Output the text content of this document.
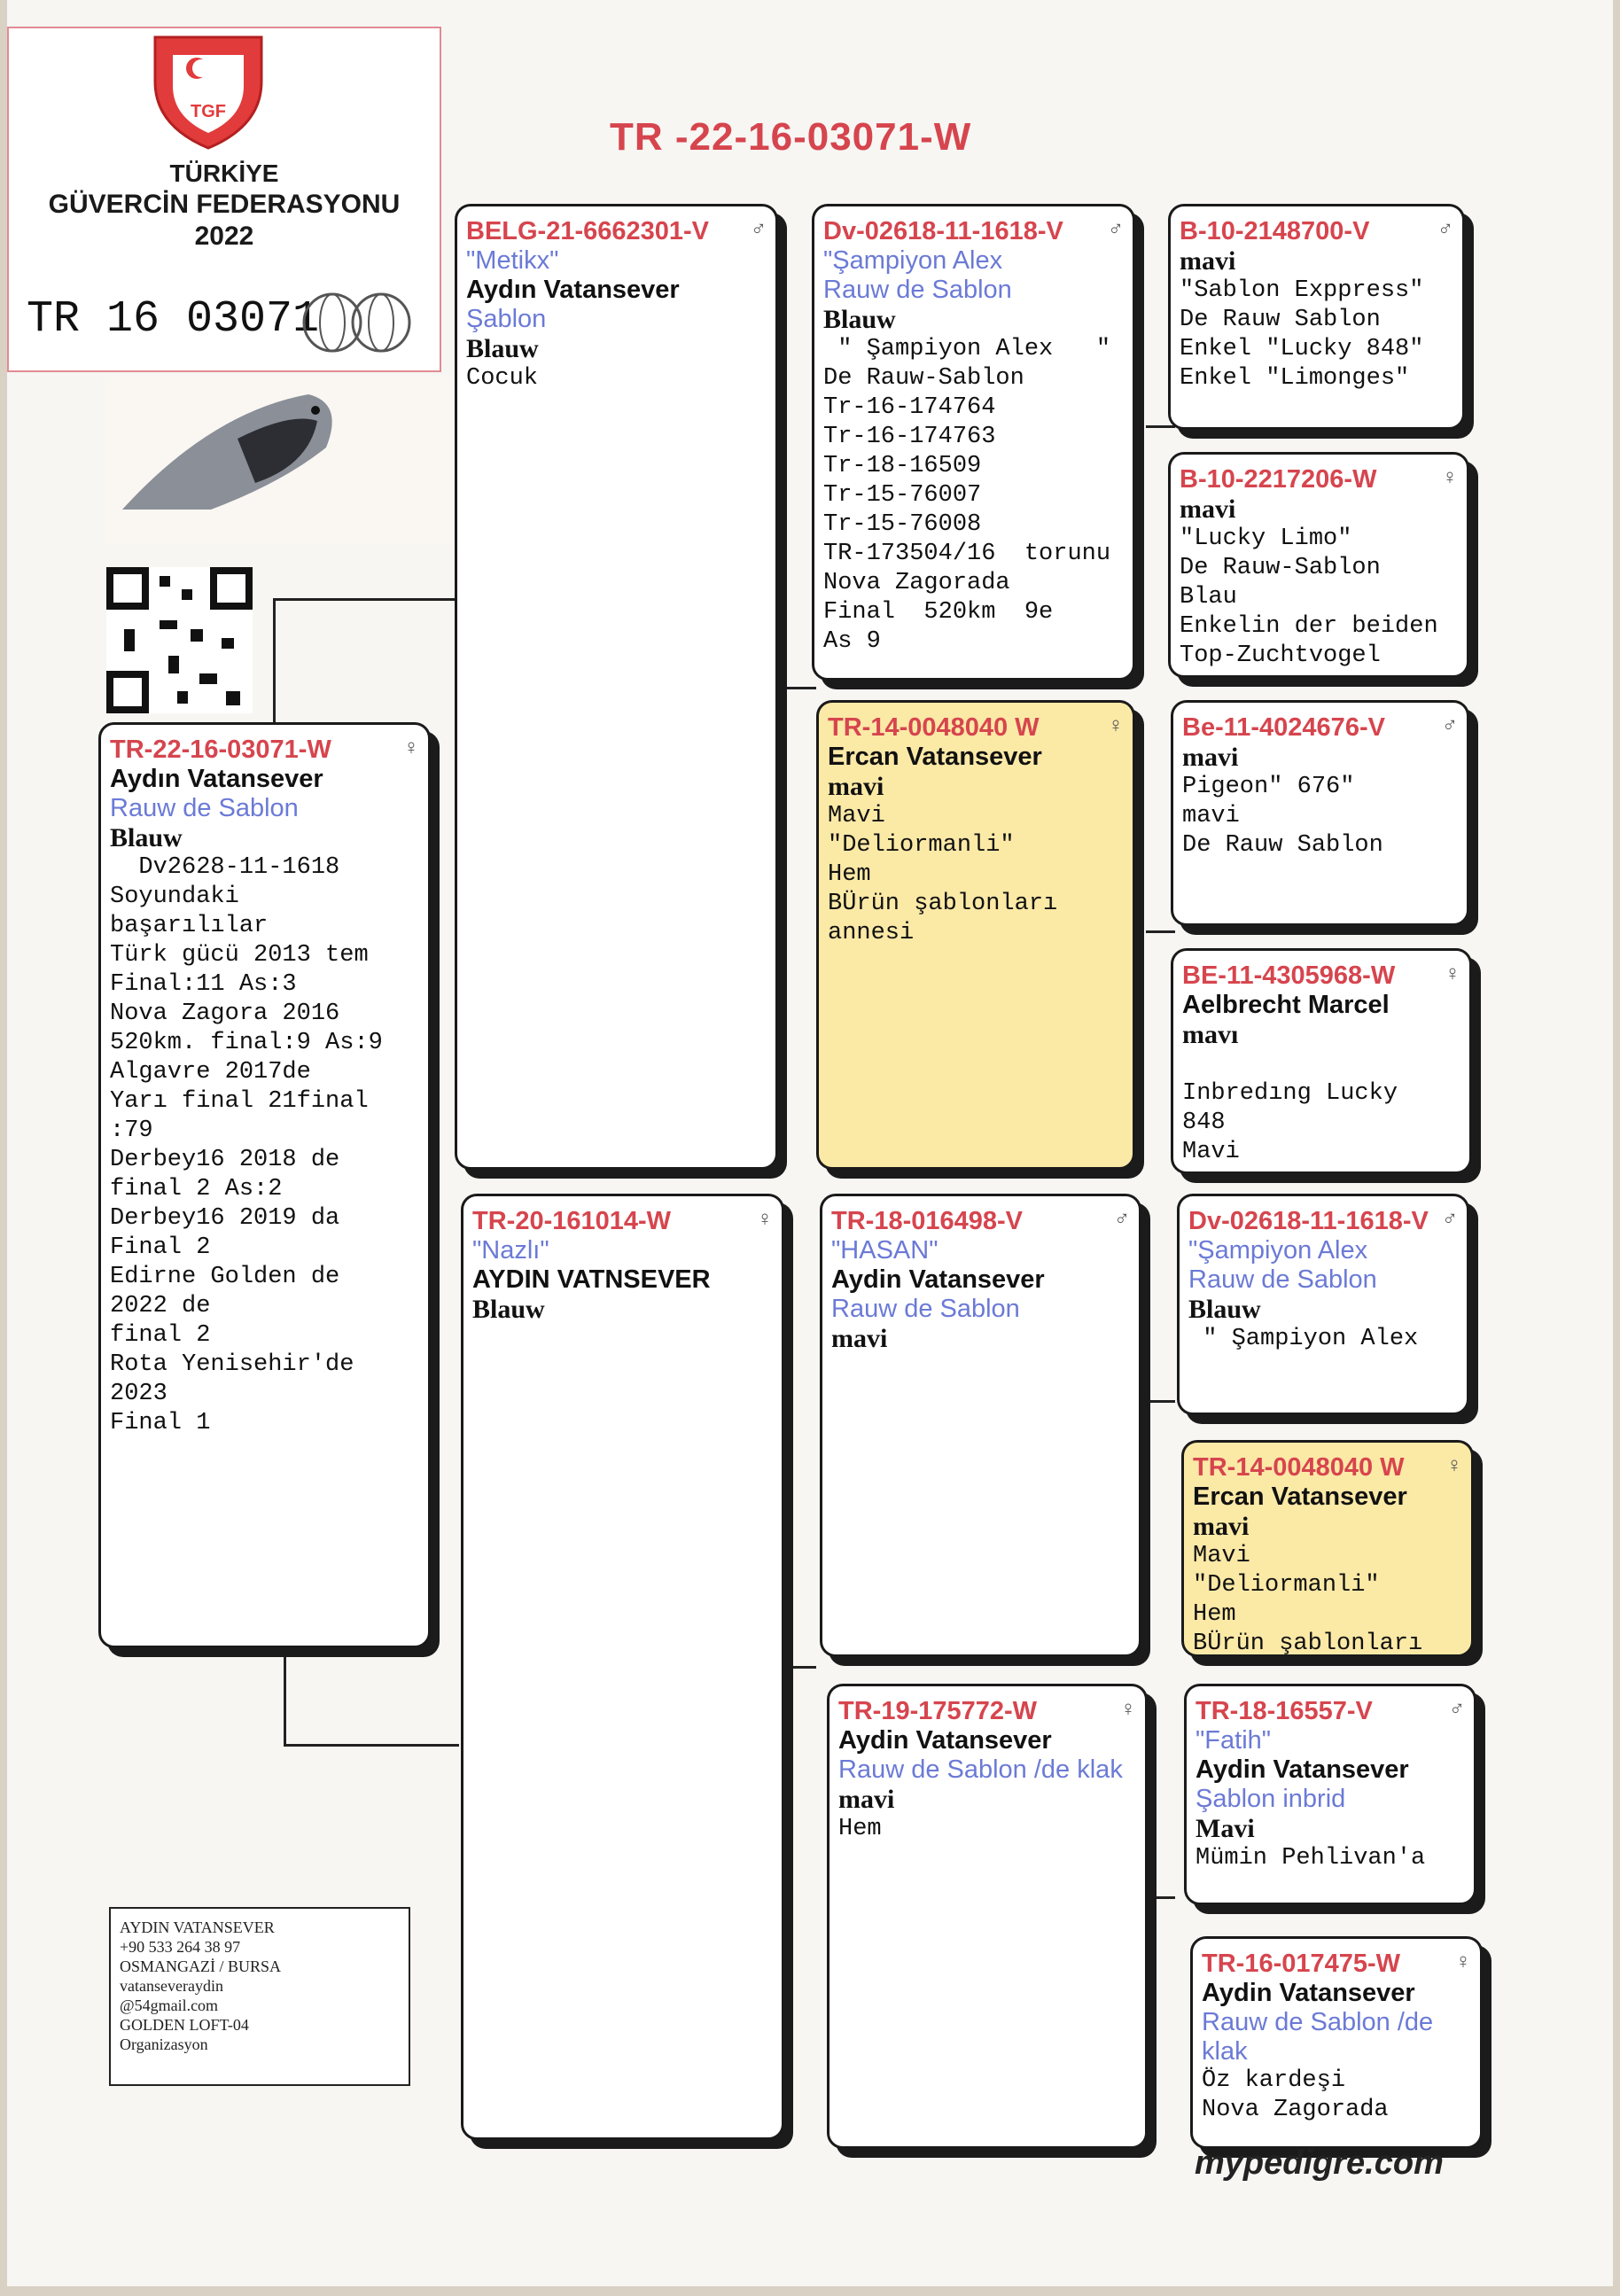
TR -22-16-03071-W
TGF
TÜRKİYE
GÜVERCİN FEDERASYONU
2022
TR 16 03071
TR-22-16-03071-W	♀
Aydın Vatansever
Rauw de Sablon
Blauw

Dv2628-11-1618
Soyundaki
başarılılar
Türk gücü 2013 tem
Final:11 As:3
Nova Zagora 2016
520km. final:9 As:9
Algavre 2017de
Yarı final 21final
:79
Derbey16 2018 de
final 2 As:2
Derbey16 2019 da
Final 2
Edirne Golden de
2022 de
final 2
Rota Yenisehir'de
2023
Final 1

BELG-21-6662301-V ♂
"Metikx"
Aydın Vatansever
Şablon
Blauw

Cocuk

TR-20-161014-W	♀
"Nazlı"
AYDIN VATNSEVER
Blauw
Dv-02618-11-1618-V ♂
"Şampiyon Alex
Rauw de Sablon
Blauw

" Şampiyon Alex   "
De Rauw-Sablon
Tr-16-174764
Tr-16-174763
Tr-18-16509
Tr-15-76007
Tr-15-76008
TR-173504/16  torunu
Nova Zagorada
Final  520km  9e
As 9

TR-14-0048040 W	♀
Ercan Vatansever
mavi

Mavi
"Deliormanli"
Hem
BÜrün şablonları
annesi

TR-18-016498-V	♂
"HASAN"
Aydin Vatansever
Rauw de Sablon
mavi
TR-19-175772-W	♀
Aydin Vatansever
Rauw de Sablon /de klak
mavi

Hem

B-10-2148700-V	♂
mavi

"Sablon Exppress"
De Rauw Sablon
Enkel "Lucky 848"
Enkel "Limonges"

B-10-2217206-W	♀
mavi

"Lucky Limo"
De Rauw-Sablon
Blau
Enkelin der beiden
Top-Zuchtvogel

Be-11-4024676-V	♂
mavi

Pigeon" 676"
mavi
De Rauw Sablon

BE-11-4305968-W ♀
Aelbrecht Marcel
mavı

Inbredıng Lucky
848
Mavi

Dv-02618-11-1618-V ♂
"Şampiyon Alex
Rauw de Sablon
Blauw

" Şampiyon Alex

TR-14-0048040 W ♀
Ercan Vatansever
mavi

Mavi
"Deliormanli"
Hem
BÜrün şablonları

TR-18-16557-V	♂
"Fatih"
Aydin Vatansever
Şablon inbrid
Mavi

Mümin Pehlivan'a

TR-16-017475-W	♀
Aydin Vatansever
Rauw de Sablon /de klak

Öz kardeşi
Nova Zagorada

AYDIN VATANSEVER

+90 533 264 38 97

OSMANGAZİ / BURSA

vatanseveraydin

@54gmail.com

GOLDEN LOFT-04

Organizasyon

mypedigre.com
